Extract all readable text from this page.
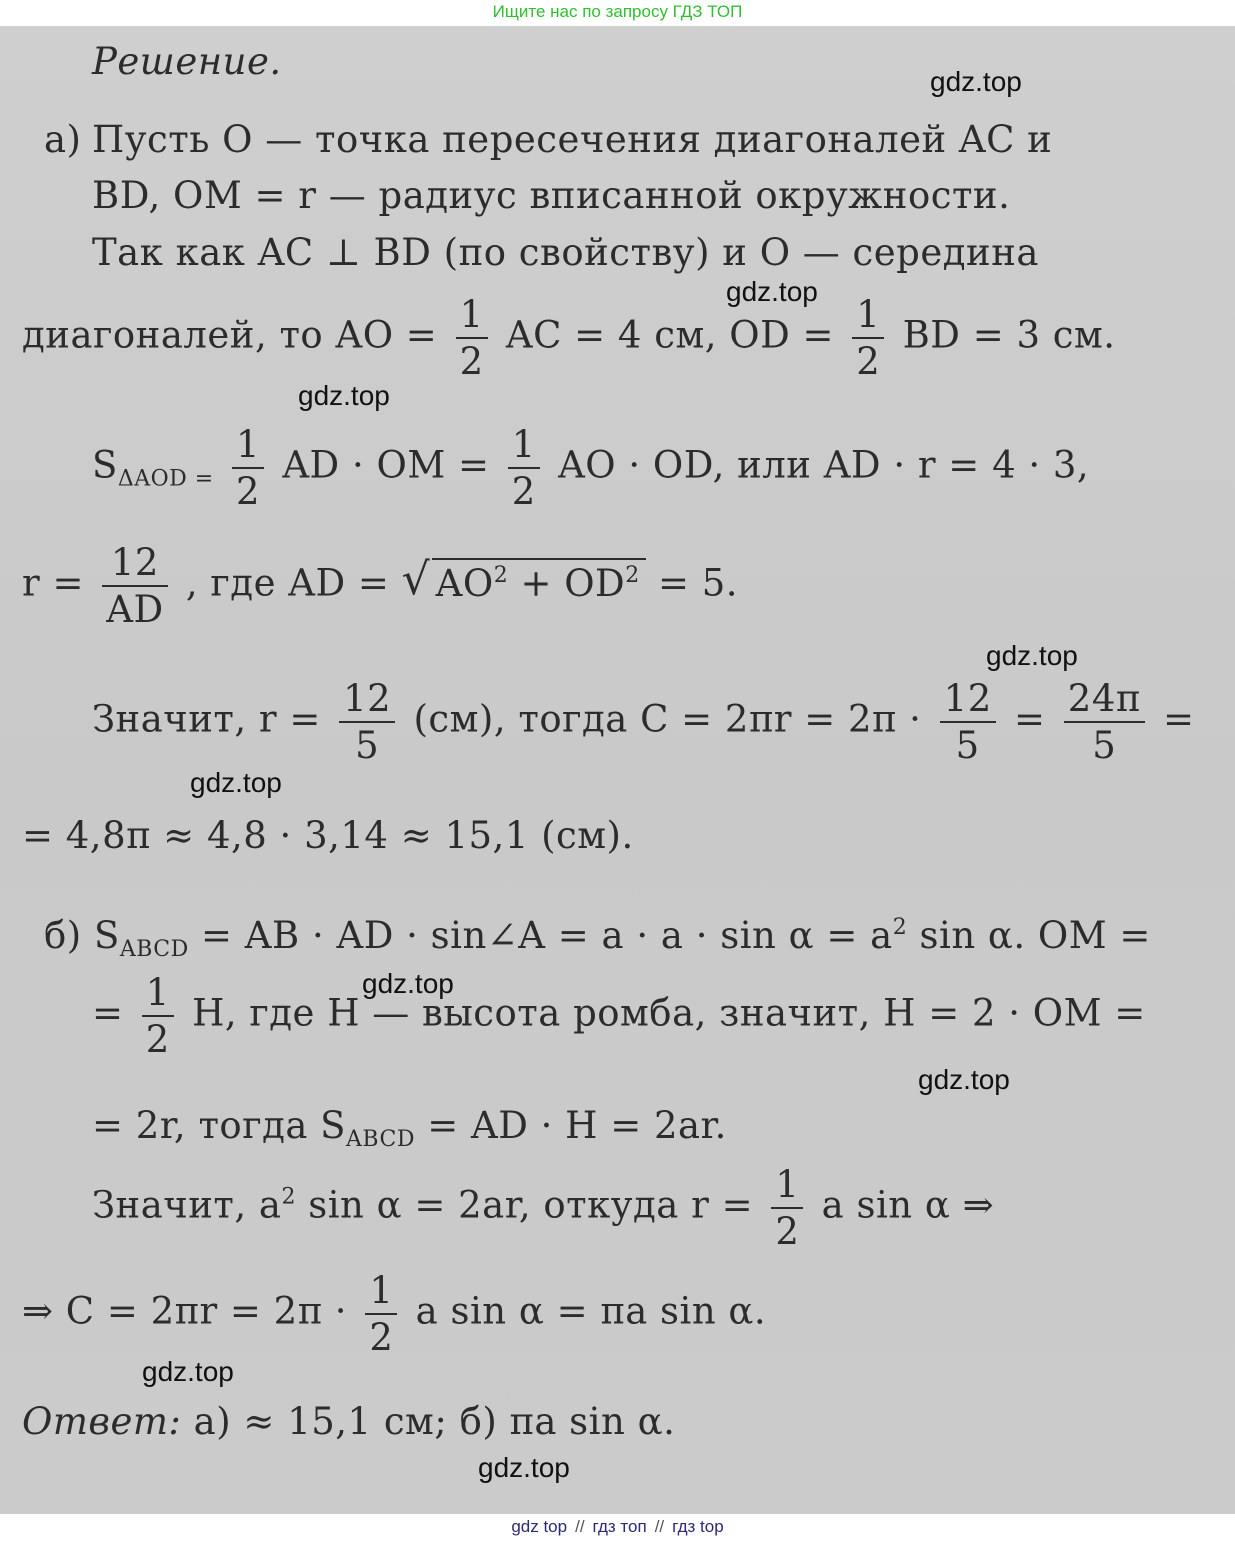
Ищите нас по запросу ГДЗ ТОП
Решение.	gdz.top
а) Пусть O — точка пересечения диагоналей AC и
BD, OM = r — радиус вписанной окружности.
Так как AC ⊥ BD (по свойству) и O — середина
gdz.top
диагоналей, то AO = $\frac{1}{2}$ AC = 4 см, OD = $\frac{1}{2}$ BD = 3 см.
gdz.top
$S_{\Delta AOD =} \frac{1}{2}$ AD · OM = $\frac{1}{2}$ AO · OD, или AD · r = 4 · 3,
$r = \frac{12}{AD}$ , где AD = √ $AO^2 + OD^2 = 5$.
gdz.top
Значит, $r = \frac{12}{5} (см)$, тогда $C = 2\pi r = 2\pi \cdot \frac{12}{5} = \frac{24\pi}{5}$ =
gdz.top
= 4,8π ≈ 4,8 · 3,14 ≈ 15,1 (см).
б) $S_{ABCD}$ = AB · AD · sin∠A = $a \cdot a \cdot \sin \alpha = a^2$ sin α. OM =
gdz.top
= $\frac{1}{2} H$, где H — высота ромба, значит, H = 2 · OM =
gdz.top
= 2r, тогда $S_{ABCD}$ = AD · H = 2ar.
Значит, $a^2$ sin α = 2ar, откуда $r = \frac{1}{2}$ a sin α ⇒
⇒ $C = 2\pi r = 2\pi \cdot \frac{1}{2}$ a sin α = πa sin α.
gdz.top
Ответ: а) ≈ 15,1 см; б) πa sin α.
gdz.top
gdz top // гдз топ // гдз top
